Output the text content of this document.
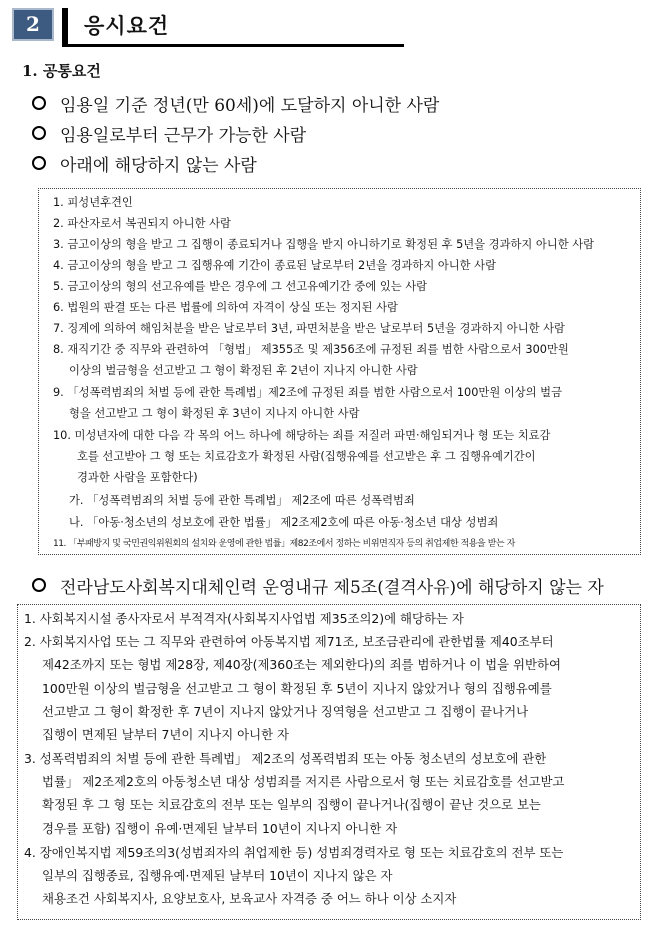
2	응시요건
1. 공통요건
임용일 기준 정년(만 60세)에 도달하지 아니한 사람
임용일로부터 근무가 가능한 사람
아래에 해당하지 않는 사람
1. 피성년후견인
2. 파산자로서 복권되지 아니한 사람
3. 금고이상의 형을 받고 그 집행이 종료되거나 집행을 받지 아니하기로 확정된 후 5년을 경과하지 아니한 사람
4. 금고이상의 형을 받고 그 집행유예 기간이 종료된 날로부터 2년을 경과하지 아니한 사람
5. 금고이상의 형의 선고유예를 받은 경우에 그 선고유예기간 중에 있는 사람
6. 법원의 판결 또는 다른 법률에 의하여 자격이 상실 또는 정지된 사람
7. 징계에 의하여 해임처분을 받은 날로부터 3년, 파면처분을 받은 날로부터 5년을 경과하지 아니한 사람
8. 재직기간 중 직무와 관련하여 「형법」 제355조 및 제356조에 규정된 죄를 범한 사람으로서 300만원
이상의 벌금형을 선고받고 그 형이 확정된 후 2년이 지나지 아니한 사람
9. 「성폭력범죄의 처벌 등에 관한 특례법」제2조에 규정된 죄를 범한 사람으로서 100만원 이상의 벌금
형을 선고받고 그 형이 확정된 후 3년이 지나지 아니한 사람
10. 미성년자에 대한 다음 각 목의 어느 하나에 해당하는 죄를 저질러 파면·해임되거나 형 또는 치료감
호를 선고받아 그 형 또는 치료감호가 확정된 사람(집행유예를 선고받은 후 그 집행유예기간이
경과한 사람을 포함한다)
가. 「성폭력범죄의 처벌 등에 관한 특례법」 제2조에 따른 성폭력범죄
나. 「아동·청소년의 성보호에 관한 법률」 제2조제2호에 따른 아동·청소년 대상 성범죄
11. 「부패방지 및 국민권익위원회의 설치와 운영에 관한 법률」제82조에서 정하는 비위면직자 등의 취업제한 적용을 받는 자
전라남도사회복지대체인력 운영내규 제5조(결격사유)에 해당하지 않는 자
1. 사회복지시설 종사자로서 부적격자(사회복지사업법 제35조의2)에 해당하는 자
2. 사회복지사업 또는 그 직무와 관련하여 아동복지법 제71조, 보조금관리에 관한법률 제40조부터
제42조까지 또는 형법 제28장, 제40장(제360조는 제외한다)의 죄를 범하거나 이 법을 위반하여
100만원 이상의 벌금형을 선고받고 그 형이 확정된 후 5년이 지나지 않았거나 형의 집행유예를
선고받고 그 형이 확정한 후 7년이 지나지 않았거나 징역형을 선고받고 그 집행이 끝나거나
집행이 면제된 날부터 7년이 지나지 아니한 자
3. 성폭력범죄의 처벌 등에 관한 특례법」 제2조의 성폭력범죄 또는 아동 청소년의 성보호에 관한
법률」 제2조제2호의 아동청소년 대상 성범죄를 저지른 사람으로서 형 또는 치료감호를 선고받고
확정된 후 그 형 또는 치료감호의 전부 또는 일부의 집행이 끝나거나(집행이 끝난 것으로 보는
경우를 포함) 집행이 유예·면제된 날부터 10년이 지나지 아니한 자
4. 장애인복지법 제59조의3(성범죄자의 취업제한 등) 성범죄경력자로 형 또는 치료감호의 전부 또는
일부의 집행종료, 집행유예·면제된 날부터 10년이 지나지 않은 자
채용조건 사회복지사, 요양보호사, 보육교사 자격증 중 어느 하나 이상 소지자
